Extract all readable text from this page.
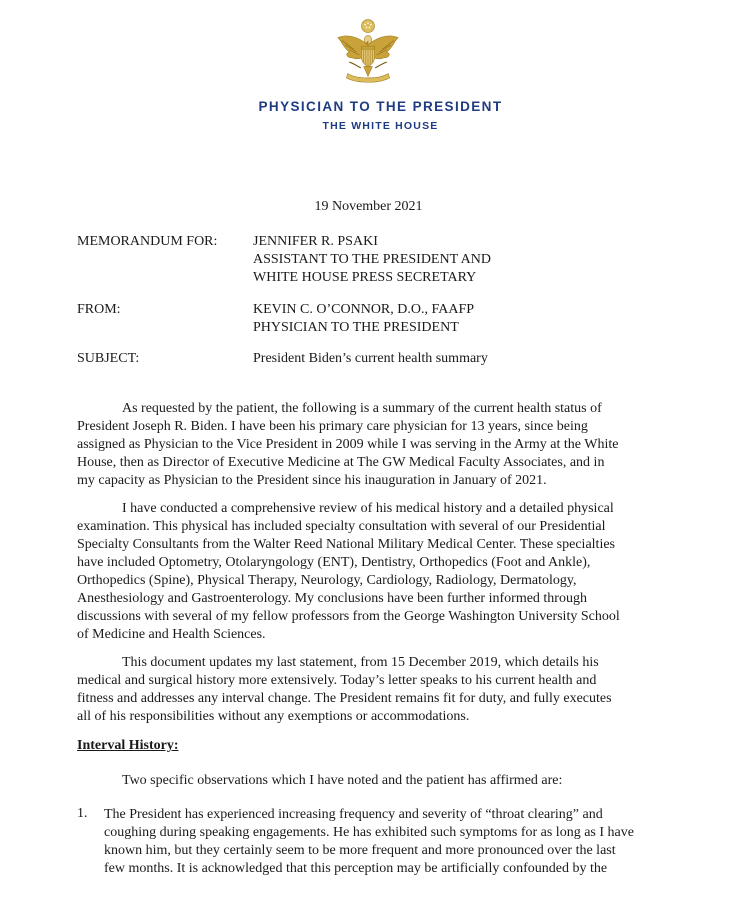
PHYSICIAN TO THE PRESIDENT
THE WHITE HOUSE
19 November 2021
MEMORANDUM FOR:	JENNIFER R. PSAKI
ASSISTANT TO THE PRESIDENT AND
WHITE HOUSE PRESS SECRETARY
FROM:	KEVIN C. O’CONNOR, D.O., FAAFP
PHYSICIAN TO THE PRESIDENT
SUBJECT:	President Biden’s current health summary
As requested by the patient, the following is a summary of the current health status of
President Joseph R. Biden. I have been his primary care physician for 13 years, since being
assigned as Physician to the Vice President in 2009 while I was serving in the Army at the White
House, then as Director of Executive Medicine at The GW Medical Faculty Associates, and in
my capacity as Physician to the President since his inauguration in January of 2021.
I have conducted a comprehensive review of his medical history and a detailed physical
examination. This physical has included specialty consultation with several of our Presidential
Specialty Consultants from the Walter Reed National Military Medical Center. These specialties
have included Optometry, Otolaryngology (ENT), Dentistry, Orthopedics (Foot and Ankle),
Orthopedics (Spine), Physical Therapy, Neurology, Cardiology, Radiology, Dermatology,
Anesthesiology and Gastroenterology. My conclusions have been further informed through
discussions with several of my fellow professors from the George Washington University School
of Medicine and Health Sciences.
This document updates my last statement, from 15 December 2019, which details his
medical and surgical history more extensively. Today’s letter speaks to his current health and
fitness and addresses any interval change. The President remains fit for duty, and fully executes
all of his responsibilities without any exemptions or accommodations.
Interval History:
Two specific observations which I have noted and the patient has affirmed are:
1. The President has experienced increasing frequency and severity of “throat clearing” and
coughing during speaking engagements. He has exhibited such symptoms for as long as I have
known him, but they certainly seem to be more frequent and more pronounced over the last
few months. It is acknowledged that this perception may be artificially confounded by the
